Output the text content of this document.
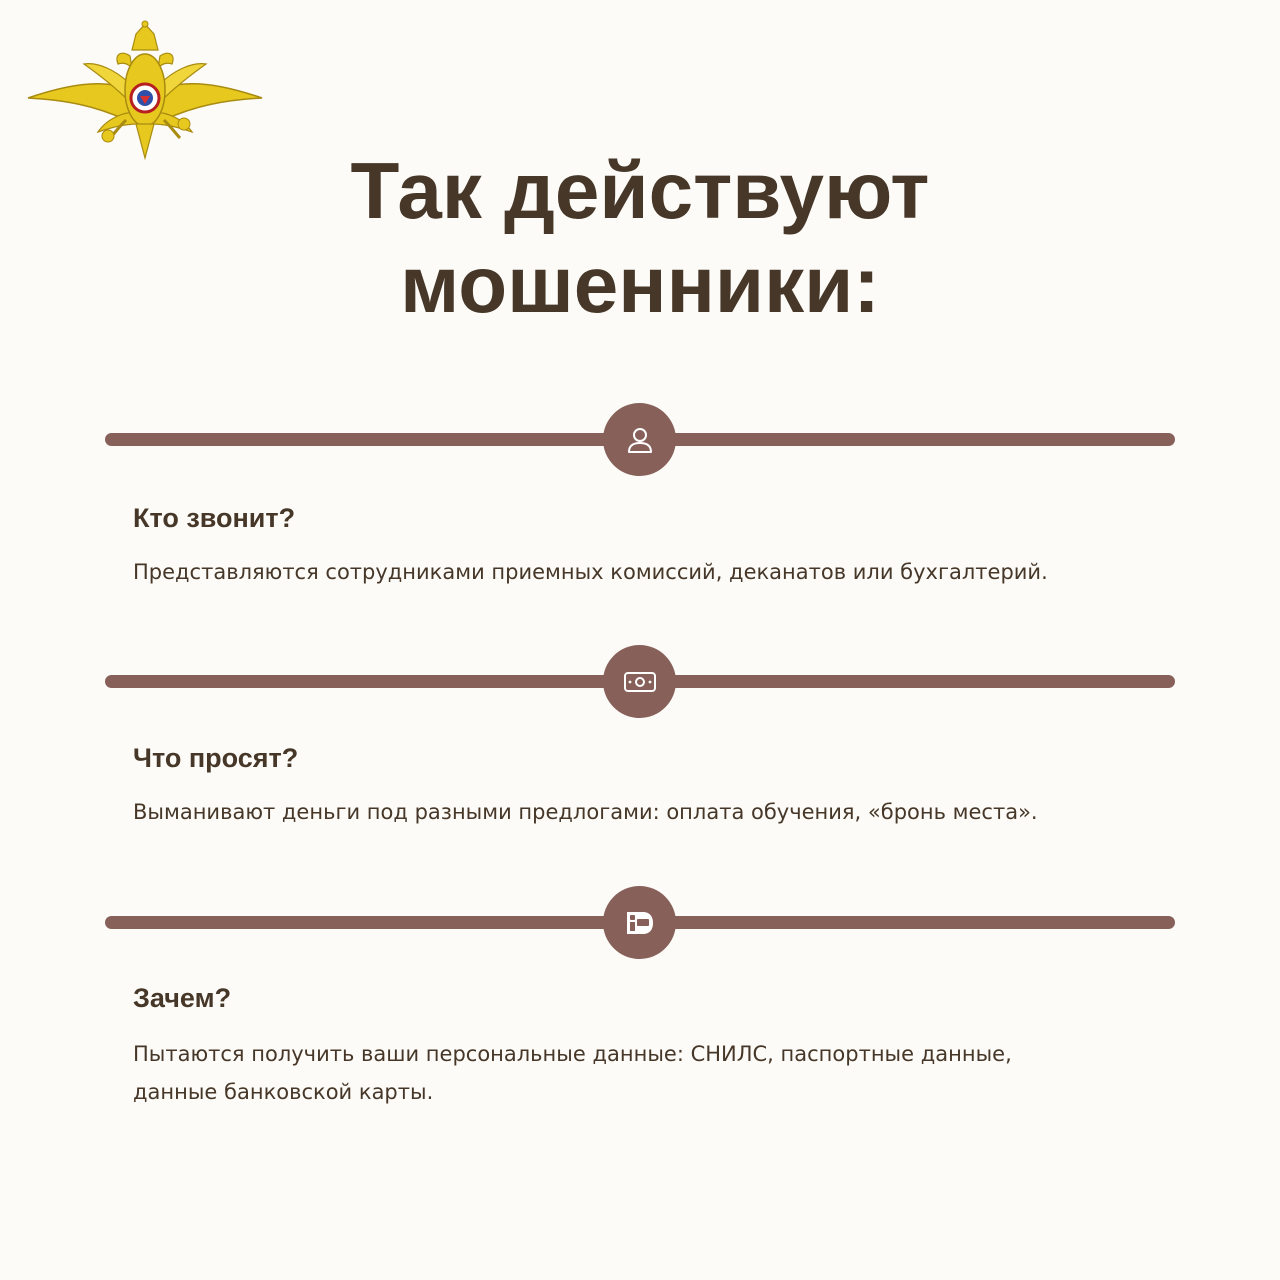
Так действуют
мошенники:
Кто звонит?

Представляются сотрудниками приемных комиссий, деканатов или бухгалтерий.

Что просят?

Выманивают деньги под разными предлогами: оплата обучения, «бронь места».

Зачем?

Пытаются получить ваши персональные данные: СНИЛС, паспортные данные,
данные банковской карты.
